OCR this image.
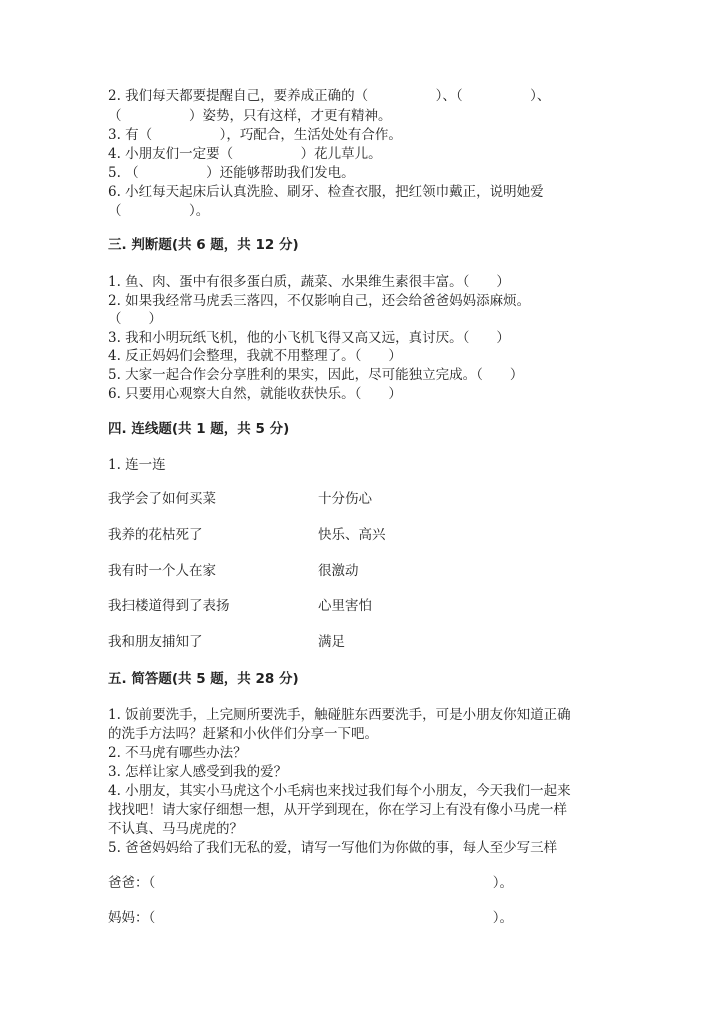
2. 我们每天都要提醒自己，要养成正确的（　　　　　）、（　　　　　）、
（　　　　　）姿势，只有这样，才更有精神。
3. 有（　　　　　），巧配合，生活处处有合作。
4. 小朋友们一定要（　　　　　）花儿草儿。
5. （　　　　　）还能够帮助我们发电。
6. 小红每天起床后认真洗脸、刷牙、检查衣服，把红领巾戴正，说明她爱
（　　　　　）。
三. 判断题(共 6 题，共 12 分)
1. 鱼、肉、蛋中有很多蛋白质，蔬菜、水果维生素很丰富。（　　）
2. 如果我经常马虎丢三落四，不仅影响自己，还会给爸爸妈妈添麻烦。
（　　）
3. 我和小明玩纸飞机，他的小飞机飞得又高又远，真讨厌。（　　）
4. 反正妈妈们会整理，我就不用整理了。（　　）
5. 大家一起合作会分享胜利的果实，因此，尽可能独立完成。（　　）
6. 只要用心观察大自然，就能收获快乐。（　　）
四. 连线题(共 1 题，共 5 分)
1. 连一连
我学会了如何买菜	十分伤心
我养的花枯死了	快乐、高兴
我有时一个人在家	很激动
我扫楼道得到了表扬	心里害怕
我和朋友捕知了	满足
五. 简答题(共 5 题，共 28 分)
1. 饭前要洗手，上完厕所要洗手，触碰脏东西要洗手，可是小朋友你知道正确
的洗手方法吗？赶紧和小伙伴们分享一下吧。
2. 不马虎有哪些办法？
3. 怎样让家人感受到我的爱？
4. 小朋友，其实小马虎这个小毛病也来找过我们每个小朋友，今天我们一起来
找找吧！请大家仔细想一想，从开学到现在，你在学习上有没有像小马虎一样
不认真、马马虎虎的？
5. 爸爸妈妈给了我们无私的爱，请写一写他们为你做的事，每人至少写三样
爸爸：（　　　　　　　　　　　　　　　　　　　　　　　　　）。
妈妈：（　　　　　　　　　　　　　　　　　　　　　　　　　）。
